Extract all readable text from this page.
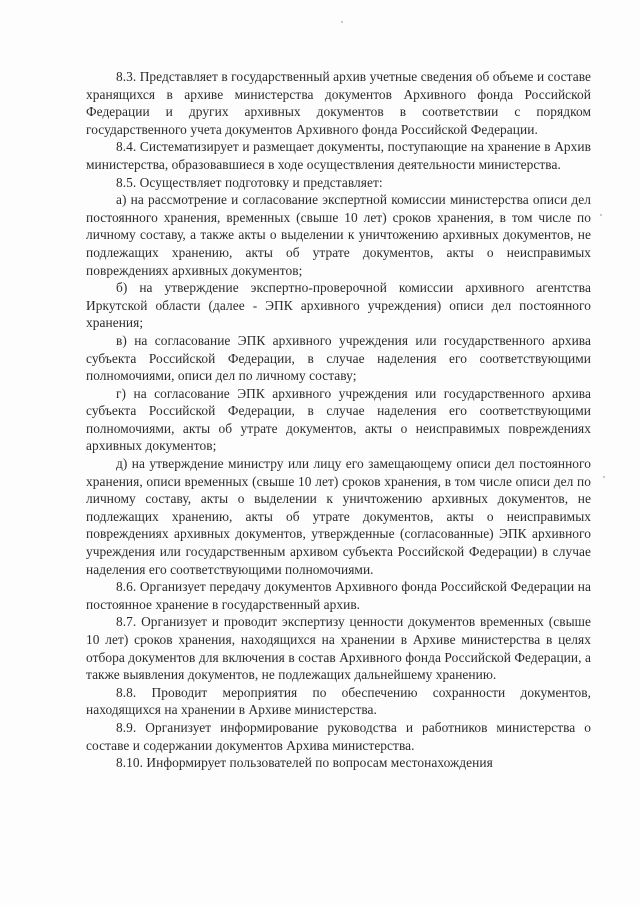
8.3. Представляет в государственный архив учетные сведения об объеме и составе хранящихся в архиве министерства документов Архивного фонда Российской Федерации и других архивных документов в соответствии с порядком государственного учета документов Архивного фонда Российской Федерации.

8.4. Систематизирует и размещает документы, поступающие на хранение в Архив министерства, образовавшиеся в ходе осуществления деятельности министерства.

8.5. Осуществляет подготовку и представляет:

а) на рассмотрение и согласование экспертной комиссии министерства описи дел постоянного хранения, временных (свыше 10 лет) сроков хранения, в том числе по личному составу, а также акты о выделении к уничтожению архивных документов, не подлежащих хранению, акты об утрате документов, акты о неисправимых повреждениях архивных документов;

б) на утверждение экспертно-проверочной комиссии архивного агентства Иркутской области (далее - ЭПК архивного учреждения) описи дел постоянного хранения;

в) на согласование ЭПК архивного учреждения или государственного архива субъекта Российской Федерации, в случае наделения его соответствующими полномочиями, описи дел по личному составу;

г) на согласование ЭПК архивного учреждения или государственного архива субъекта Российской Федерации, в случае наделения его соответствующими полномочиями, акты об утрате документов, акты о неисправимых повреждениях архивных документов;

д) на утверждение министру или лицу его замещающему описи дел постоянного хранения, описи временных (свыше 10 лет) сроков хранения, в том числе описи дел по личному составу, акты о выделении к уничтожению архивных документов, не подлежащих хранению, акты об утрате документов, акты о неисправимых повреждениях архивных документов, утвержденные (согласованные) ЭПК архивного учреждения или государственным архивом субъекта Российской Федерации) в случае наделения его соответствующими полномочиями.

8.6. Организует передачу документов Архивного фонда Российской Федерации на постоянное хранение в государственный архив.

8.7. Организует и проводит экспертизу ценности документов временных (свыше 10 лет) сроков хранения, находящихся на хранении в Архиве министерства в целях отбора документов для включения в состав Архивного фонда Российской Федерации, а также выявления документов, не подлежащих дальнейшему хранению.

8.8. Проводит мероприятия по обеспечению сохранности документов, находящихся на хранении в Архиве министерства.

8.9. Организует информирование руководства и работников министерства о составе и содержании документов Архива министерства.

8.10. Информирует пользователей по вопросам местонахождения
